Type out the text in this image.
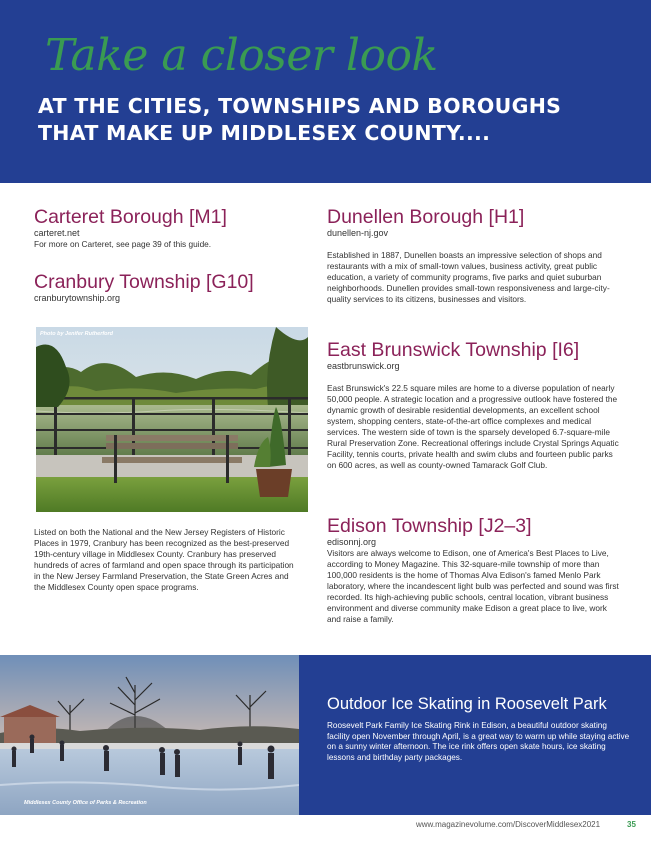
Take a closer look
AT THE CITIES, TOWNSHIPS AND BOROUGHS
THAT MAKE UP MIDDLESEX COUNTY....
Carteret Borough [M1]
carteret.net

For more on Carteret, see page 39 of this guide.

Cranbury Township [G10]
cranburytownship.org
Photo by Jenifer Rutherford

Listed on both the National and the New Jersey Registers of Historic Places in 1979, Cranbury has been recognized as the best-preserved 19th-century village in Middlesex County. Cranbury has preserved hundreds of acres of farmland and open space through its participation in the New Jersey Farmland Preservation, the State Green Acres and the Middlesex County open space programs.

Dunellen Borough [H1]
dunellen-nj.gov

Established in 1887, Dunellen boasts an impressive selection of shops and restaurants with a mix of small-town values, business activity, great public education, a variety of community programs, five parks and quiet suburban neighborhoods. Dunellen provides small-town responsiveness and large-city-quality services to its citizens, businesses and visitors.

East Brunswick Township [I6]
eastbrunswick.org

East Brunswick's 22.5 square miles are home to a diverse population of nearly 50,000 people. A strategic location and a progressive outlook have fostered the dynamic growth of desirable residential developments, an excellent school system, shopping centers, state-of-the-art office complexes and medical services. The western side of town is the sparsely developed 6.7-square-mile Rural Preservation Zone. Recreational offerings include Crystal Springs Aquatic Facility, tennis courts, private health and swim clubs and fourteen public parks on 600 acres, as well as county-owned Tamarack Golf Club.

Edison Township [J2–3]
edisonnj.org

Visitors are always welcome to Edison, one of America's Best Places to Live, according to Money Magazine. This 32-square-mile township of more than 100,000 residents is the home of Thomas Alva Edison's famed Menlo Park laboratory, where the incandescent light bulb was perfected and sound was first recorded. Its high-achieving public schools, central location, vibrant business environment and diverse community make Edison a great place to live, work and raise a family.

Middlesex County Office of Parks & Recreation
Outdoor Ice Skating in Roosevelt Park

Roosevelt Park Family Ice Skating Rink in Edison, a beautiful outdoor skating facility open November through April, is a great way to warm up while staying active on a sunny winter afternoon. The ice rink offers open skate hours, ice skating lessons and birthday party packages.

www.magazinevolume.com/DiscoverMiddlesex2021	35
